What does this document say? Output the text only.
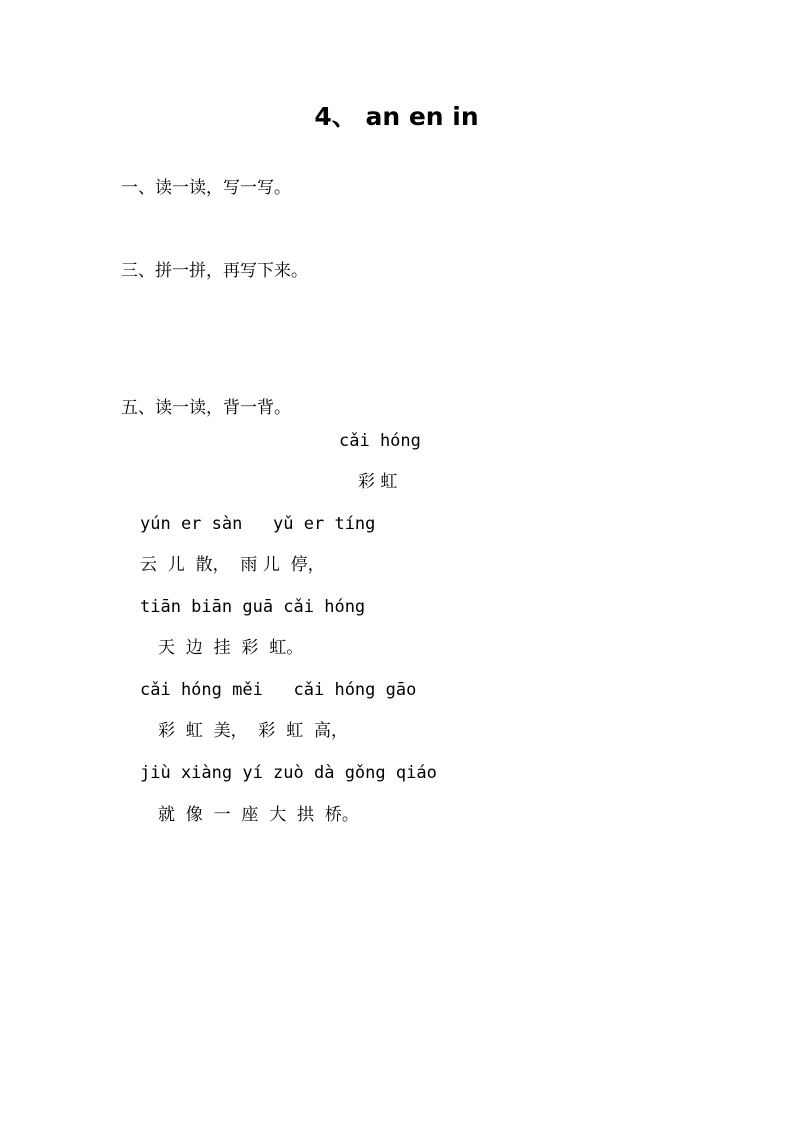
4、 an en in
一、读一读，写一写。
三、拼一拼，再写下来。
五、读一读，背一背。
cǎi hóng
彩 虹
yún er sàn   yǔ er tíng
云  儿  散，  雨 儿  停，
tiān biān guā cǎi hóng
天  边  挂  彩  虹。
cǎi hóng měi   cǎi hóng gāo
彩  虹  美，  彩  虹  高，
jiù xiàng yí zuò dà gǒng qiáo
就  像  一  座  大  拱  桥。
